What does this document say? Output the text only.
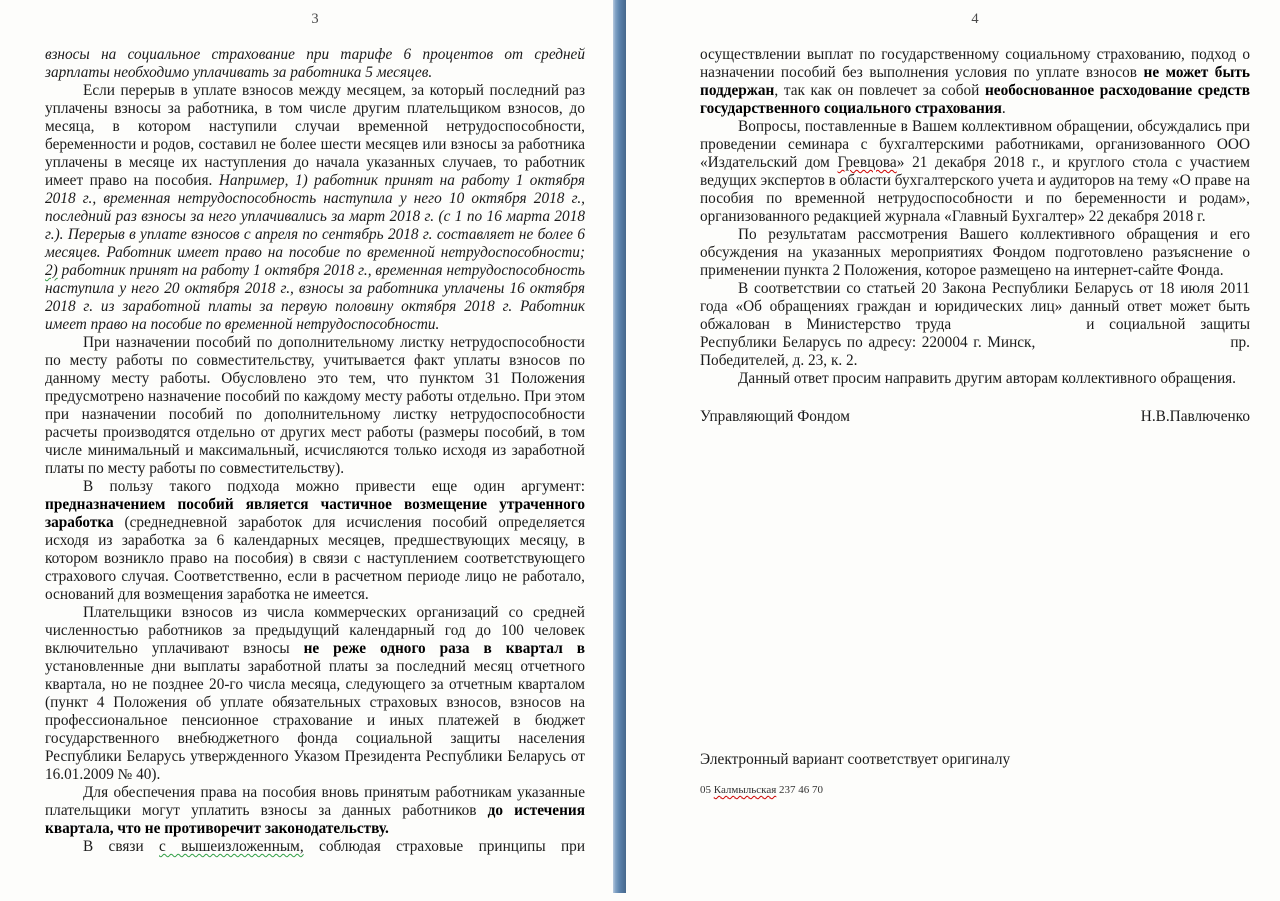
3

взносы на социальное страхование при тарифе 6 процентов от средней зарплаты необходимо уплачивать за работника 5 месяцев.

Если перерыв в уплате взносов между месяцем, за который последний раз уплачены взносы за работника, в том числе другим плательщиком взносов, до месяца, в котором наступили случаи временной нетрудоспособности, беременности и родов, составил не более шести месяцев или взносы за работника уплачены в месяце их наступления до начала указанных случаев, то работник имеет право на пособия. Например, 1) работник принят на работу 1 октября 2018 г., временная нетрудоспособность наступила у него 10 октября 2018 г., последний раз взносы за него уплачивались за март 2018 г. (с 1 по 16 марта 2018 г.). Перерыв в уплате взносов с апреля по сентябрь 2018 г. составляет не более 6 месяцев. Работник имеет право на пособие по временной нетрудоспособности; 2) работник принят на работу 1 октября 2018 г., временная нетрудоспособность наступила у него 20 октября 2018 г., взносы за работника уплачены 16 октября 2018 г. из заработной платы за первую половину октября 2018 г. Работник имеет право на пособие по временной нетрудоспособности.

При назначении пособий по дополнительному листку нетрудоспособности по месту работы по совместительству, учитывается факт уплаты взносов по данному месту работы. Обусловлено это тем, что пунктом 31 Положения предусмотрено назначение пособий по каждому месту работы отдельно. При этом при назначении пособий по дополнительному листку нетрудоспособности расчеты производятся отдельно от других мест работы (размеры пособий, в том числе минимальный и максимальный, исчисляются только исходя из заработной платы по месту работы по совместительству).

В пользу такого подхода можно привести еще один аргумент: предназначением пособий является частичное возмещение утраченного заработка (среднедневной заработок для исчисления пособий определяется исходя из заработка за 6 календарных месяцев, предшествующих месяцу, в котором возникло право на пособия) в связи с наступлением соответствующего страхового случая. Соответственно, если в расчетном периоде лицо не работало, оснований для возмещения заработка не имеется.

Плательщики взносов из числа коммерческих организаций со средней численностью работников за предыдущий календарный год до 100 человек включительно уплачивают взносы не реже одного раза в квартал в установленные дни выплаты заработной платы за последний месяц отчетного квартала, но не позднее 20-го числа месяца, следующего за отчетным кварталом (пункт 4 Положения об уплате обязательных страховых взносов, взносов на профессиональное пенсионное страхование и иных платежей в бюджет государственного внебюджетного фонда социальной защиты населения Республики Беларусь утвержденного Указом Президента Республики Беларусь от 16.01.2009 № 40).

Для обеспечения права на пособия вновь принятым работникам указанные плательщики могут уплатить взносы за данных работников до истечения квартала, что не противоречит законодательству.

В связи с вышеизложенным, соблюдая страховые принципы при

4

осуществлении выплат по государственному социальному страхованию, подход о назначении пособий без выполнения условия по уплате взносов не может быть поддержан, так как он повлечет за собой необоснованное расходование средств государственного социального страхования.

Вопросы, поставленные в Вашем коллективном обращении, обсуждались при проведении семинара с бухгалтерскими работниками, организованного ООО «Издательский дом Гревцова» 21 декабря 2018 г., и круглого стола с участием ведущих экспертов в области бухгалтерского учета и аудиторов на тему «О праве на пособия по временной нетрудоспособности и по беременности и родам», организованного редакцией журнала «Главный Бухгалтер» 22 декабря 2018 г.

По результатам рассмотрения Вашего коллективного обращения и его обсуждения на указанных мероприятиях Фондом подготовлено разъяснение о применении пункта 2 Положения, которое размещено на интернет-сайте Фонда.

В соответствии со статьей 20 Закона Республики Беларусь от 18 июля 2011 года «Об обращениях граждан и юридических лиц» данный ответ может быть обжалован в Министерство труда	и социальной защиты Республики Беларусь по адресу: 220004 г. Минск,	пр. Победителей, д. 23, к. 2.

Данный ответ просим направить другим авторам коллективного обращения.

Управляющий Фондом	Н.В.Павлюченко
Электронный вариант соответствует оригиналу
05 Калмыльская 237 46 70
